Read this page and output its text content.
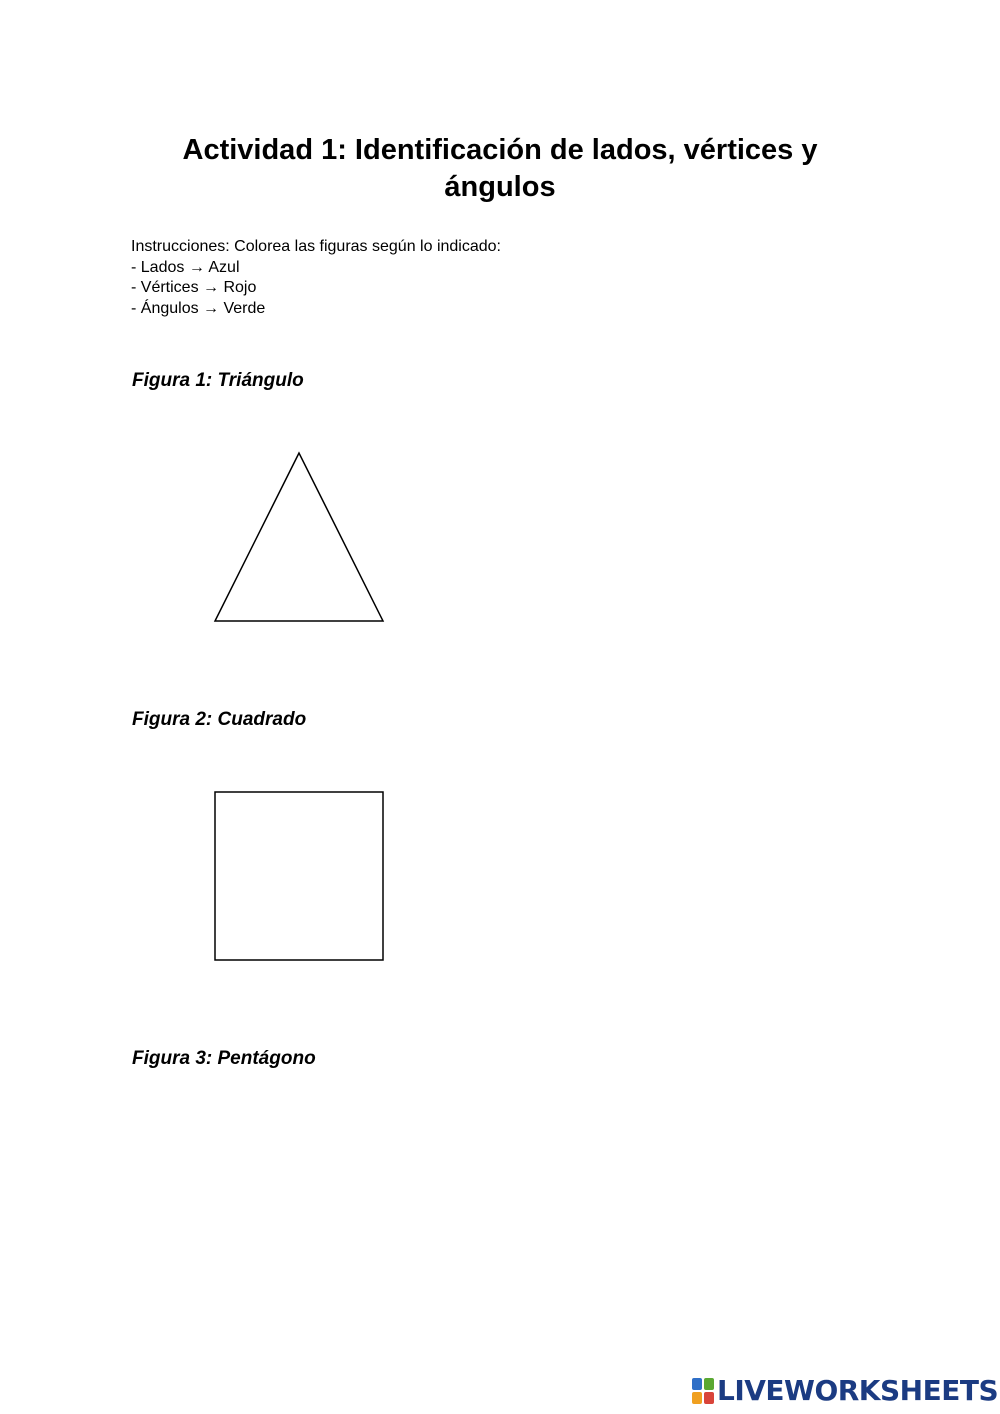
Actividad 1: Identificación de lados, vértices y ángulos
Instrucciones: Colorea las figuras según lo indicado:
- Lados → Azul
- Vértices → Rojo
- Ángulos → Verde
Figura 1: Triángulo
Figura 2: Cuadrado
Figura 3: Pentágono
LIVEWORKSHEETS
